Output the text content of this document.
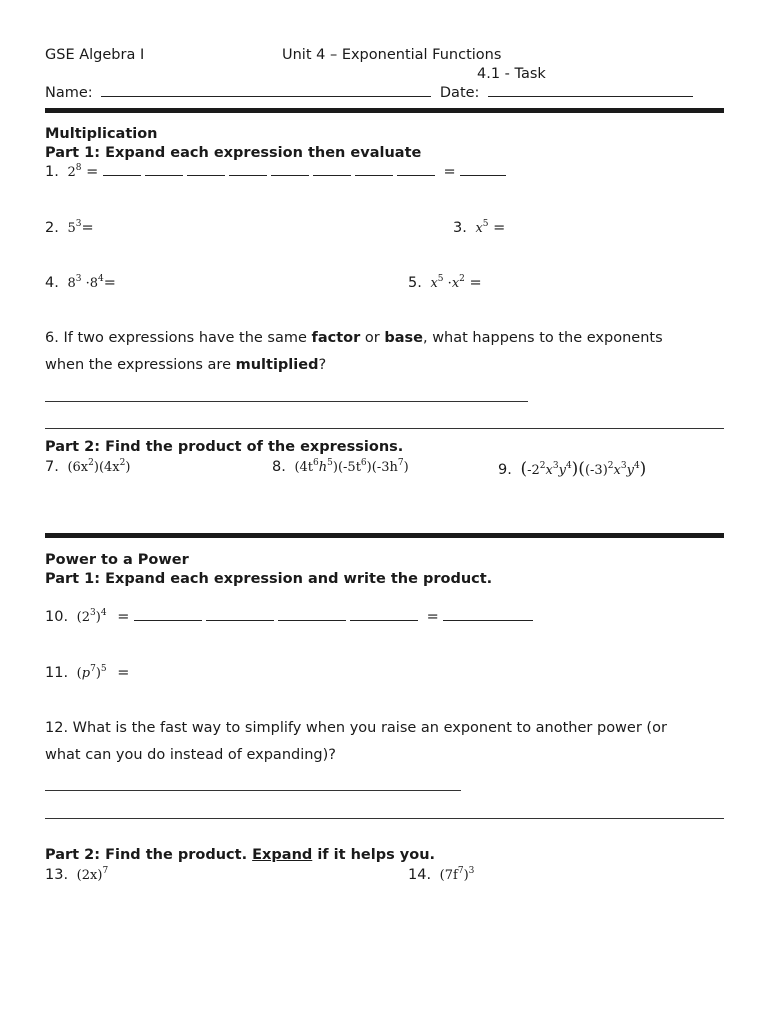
GSE Algebra I	Unit 4 – Exponential Functions
4.1 - Task
Name:	Date:
Multiplication
Part 1: Expand each expression then evaluate
1. $2^8$ =	=
2. $5^3=$	3. $x^5$ =
4. $8^3 \cdot 8^4=$	5. $x^5 \cdot x^2$ =
6. If two expressions have the same factor or base, what happens to the exponents
when the expressions are multiplied?
Part 2: Find the product of the expressions.
7. $(6x^2)(4x^2)$	8. $(4t^6h^5)(-5t^6)(-3h^7)$	9. $(-2^2x^3y^4)((-3)^2x^3y^4)$
Power to a Power
Part 1: Expand each expression and write the product.
10. $(2^3)^4$ =	=
11. $(p^7)^5$ =
12. What is the fast way to simplify when you raise an exponent to another power (or
what can you do instead of expanding)?
Part 2: Find the product. Expand if it helps you.
13. $(2x)^7$	14. $(7f^7)^3$
